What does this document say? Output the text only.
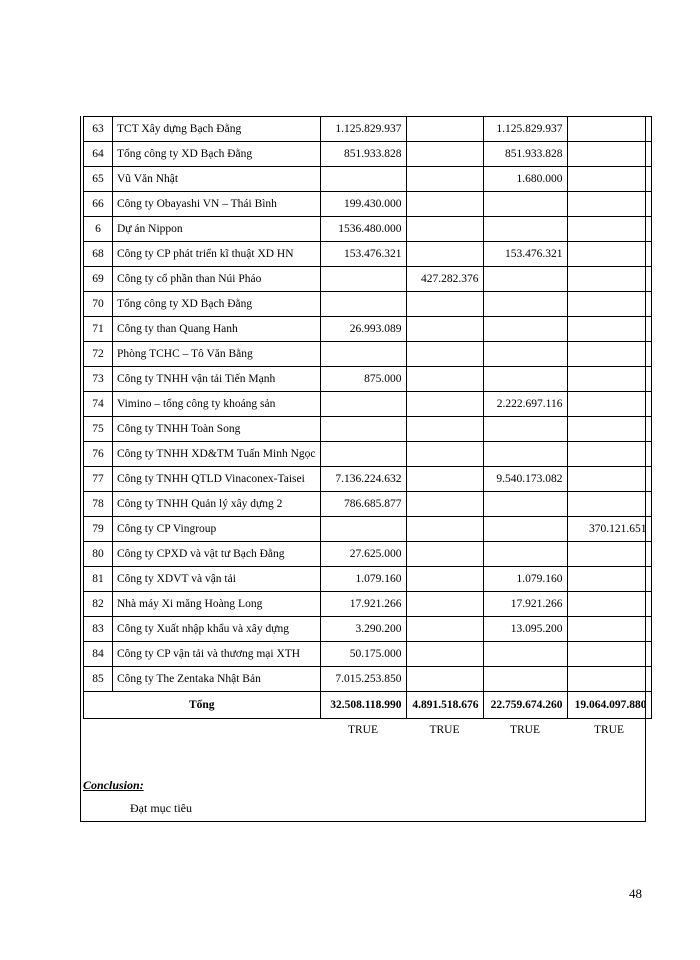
63	TCT Xây dựng Bạch Đằng	1.125.829.937		1.125.829.937	
64	Tổng công ty XD Bạch Đằng	851.933.828		851.933.828	
65	Vũ Văn Nhật			1.680.000	
66	Công ty Obayashi VN – Thái Bình	199.430.000			
6	Dự án Nippon	1536.480.000			
68	Công ty CP phát triển kĩ thuật XD HN	153.476.321		153.476.321	
69	Công ty cổ phần than Núi Pháo		427.282.376		
70	Tổng công ty XD Bạch Đằng				
71	Công ty than Quang Hanh	26.993.089			
72	Phòng TCHC – Tô Văn Bằng				
73	Công ty TNHH vận tải Tiến Mạnh	875.000			
74	Vimino – tổng công ty khoáng sản			2.222.697.116	
75	Công ty TNHH Toàn Song				
76	Công ty TNHH XD&TM Tuấn Minh Ngọc				
77	Công ty TNHH QTLD Vinaconex-Taisei	7.136.224.632		9.540.173.082	
78	Công ty TNHH Quản lý xây dựng 2	786.685.877			
79	Công ty CP Vingroup				370.121.651
80	Công ty CPXD và vật tư Bạch Đằng	27.625.000			
81	Công ty XDVT và vận tải	1.079.160		1.079.160	
82	Nhà máy Xi măng Hoàng Long	17.921.266		17.921.266	
83	Công ty Xuất nhập khẩu và xây dựng	3.290.200		13.095.200	
84	Công ty CP vận tải và thương mại XTH	50.175.000			
85	Công ty The Zentaka Nhật Bản	7.015.253.850			
Tổng		32.508.118.990	4.891.518.676	22.759.674.260	19.064.097.880
		TRUE	TRUE	TRUE	TRUE
Conclusion:
Đạt mục tiêu
48
